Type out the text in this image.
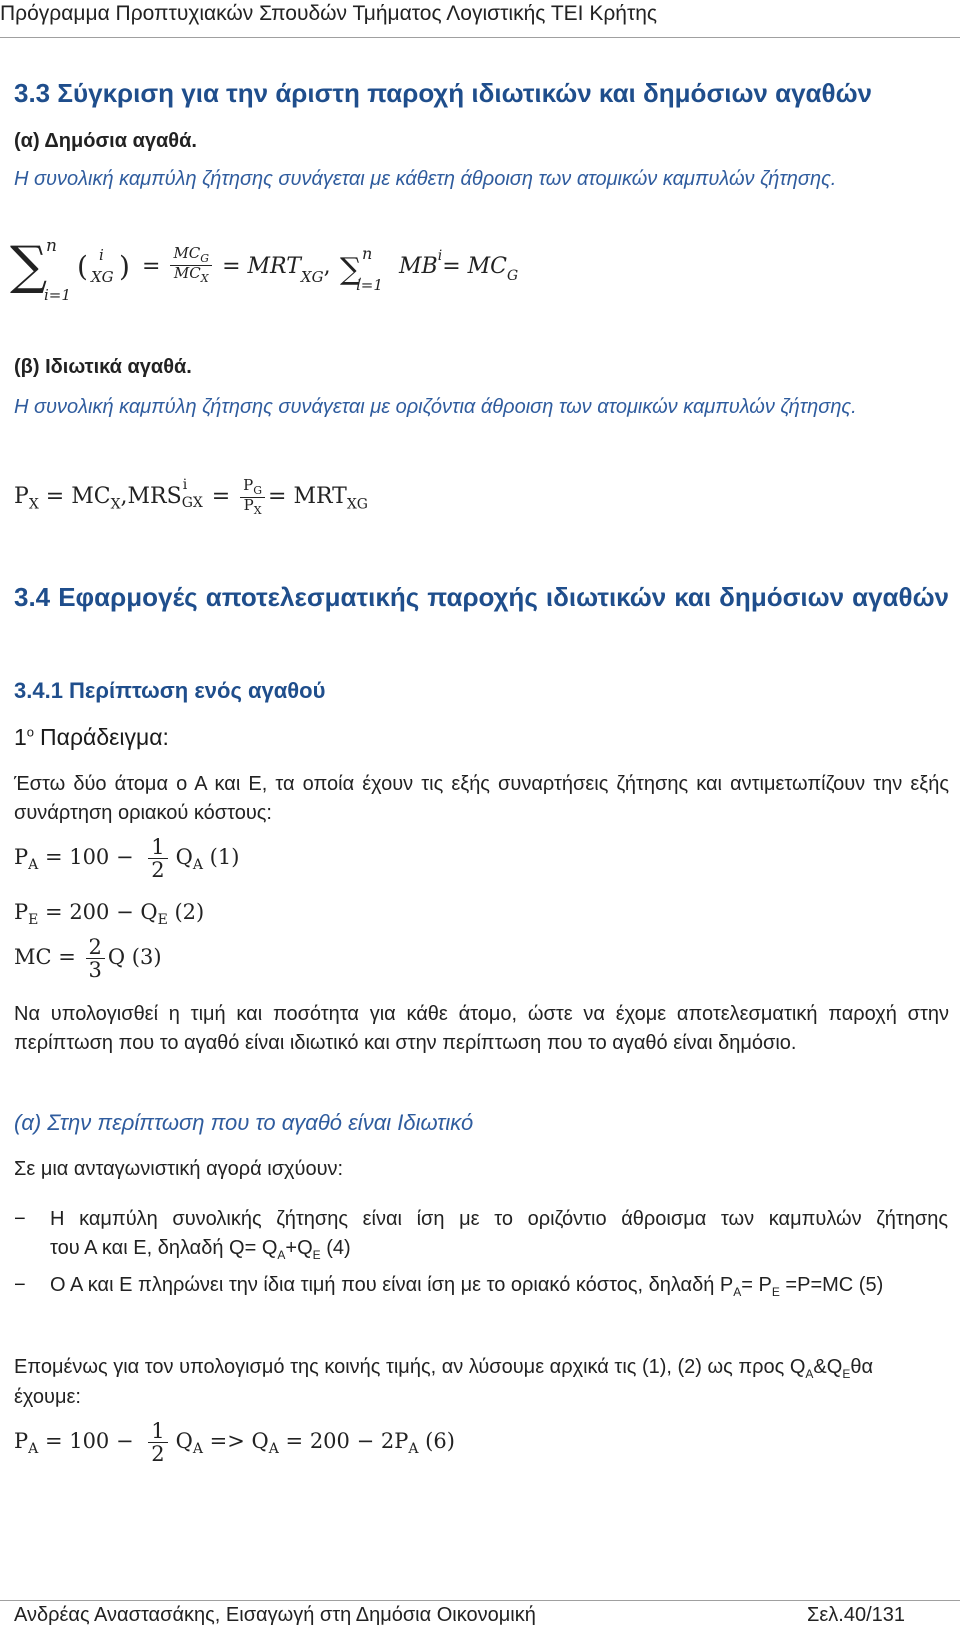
Πρόγραμμα Προπτυχιακών Σπουδών Τμήματος Λογιστικής ΤΕΙ Κρήτης
3.3 Σύγκριση για την άριστη παροχή ιδιωτικών και δημόσιων αγαθών
(α) Δημόσια αγαθά.
Η συνολική καμπύλη ζήτησης συνάγεται με κάθετη άθροιση των ατομικών καμπυλών ζήτησης.
∑
n
i=1

( i
XG ) = $\frac{MC_G}{MC_X} = MRT_{XG}$, ∑ n
i=1
$MB^i= MC_G$
(β) Ιδιωτικά αγαθά.
Η συνολική καμπύλη ζήτησης συνάγεται με οριζόντια άθροιση των ατομικών καμπυλών ζήτησης.
$P_X = MC_X,MRS$ i
GX = $\frac{P_G}{P_X} = MRT_{XG}$
3.4 Εφαρμογές αποτελεσματικής παροχής ιδιωτικών και δημόσιων αγαθών
3.4.1 Περίπτωση ενός αγαθού
$1^o$ Παράδειγμα:
Έστω δύο άτομα ο Α και Ε, τα οποία έχουν τις εξής συναρτήσεις ζήτησης και αντιμετωπίζουν την εξής συνάρτηση οριακού κόστους:
$P_A = 100 - \frac{1}{2} Q_A$ (1)
$P_E = 200 - Q_E$ (2)
MC = $\frac{2}{3}$ Q (3)
Να υπολογισθεί η τιμή και ποσότητα για κάθε άτομο, ώστε να έχομε αποτελεσματική παροχή στην περίπτωση που το αγαθό είναι ιδιωτικό και στην περίπτωση που το αγαθό είναι δημόσιο.
(α) Στην περίπτωση που το αγαθό είναι Ιδιωτικό
Σε μια ανταγωνιστική αγορά ισχύουν:
− Η καμπύλη συνολικής ζήτησης είναι ίση με το οριζόντιο άθροισμα των καμπυλών ζήτησης
του Α και Ε, δηλαδή $Q= Q_A+Q_E$ (4)
− Ο Α και Ε πληρώνει την ίδια τιμή που είναι ίση με το οριακό κόστος, δηλαδή $P_A= P_E =P=MC$ (5)
Επομένως για τον υπολογισμό της κοινής τιμής, αν λύσουμε αρχικά τις (1), (2) ως προς $Q_A\&Q_E\theta\alpha$
έχουμε:
$P_A = 100 - \frac{1}{2} Q_A => Q_A = 200 - 2P_A$ (6)
Ανδρέας Αναστασάκης, Εισαγωγή στη Δημόσια Οικονομική	Σελ.40/131
